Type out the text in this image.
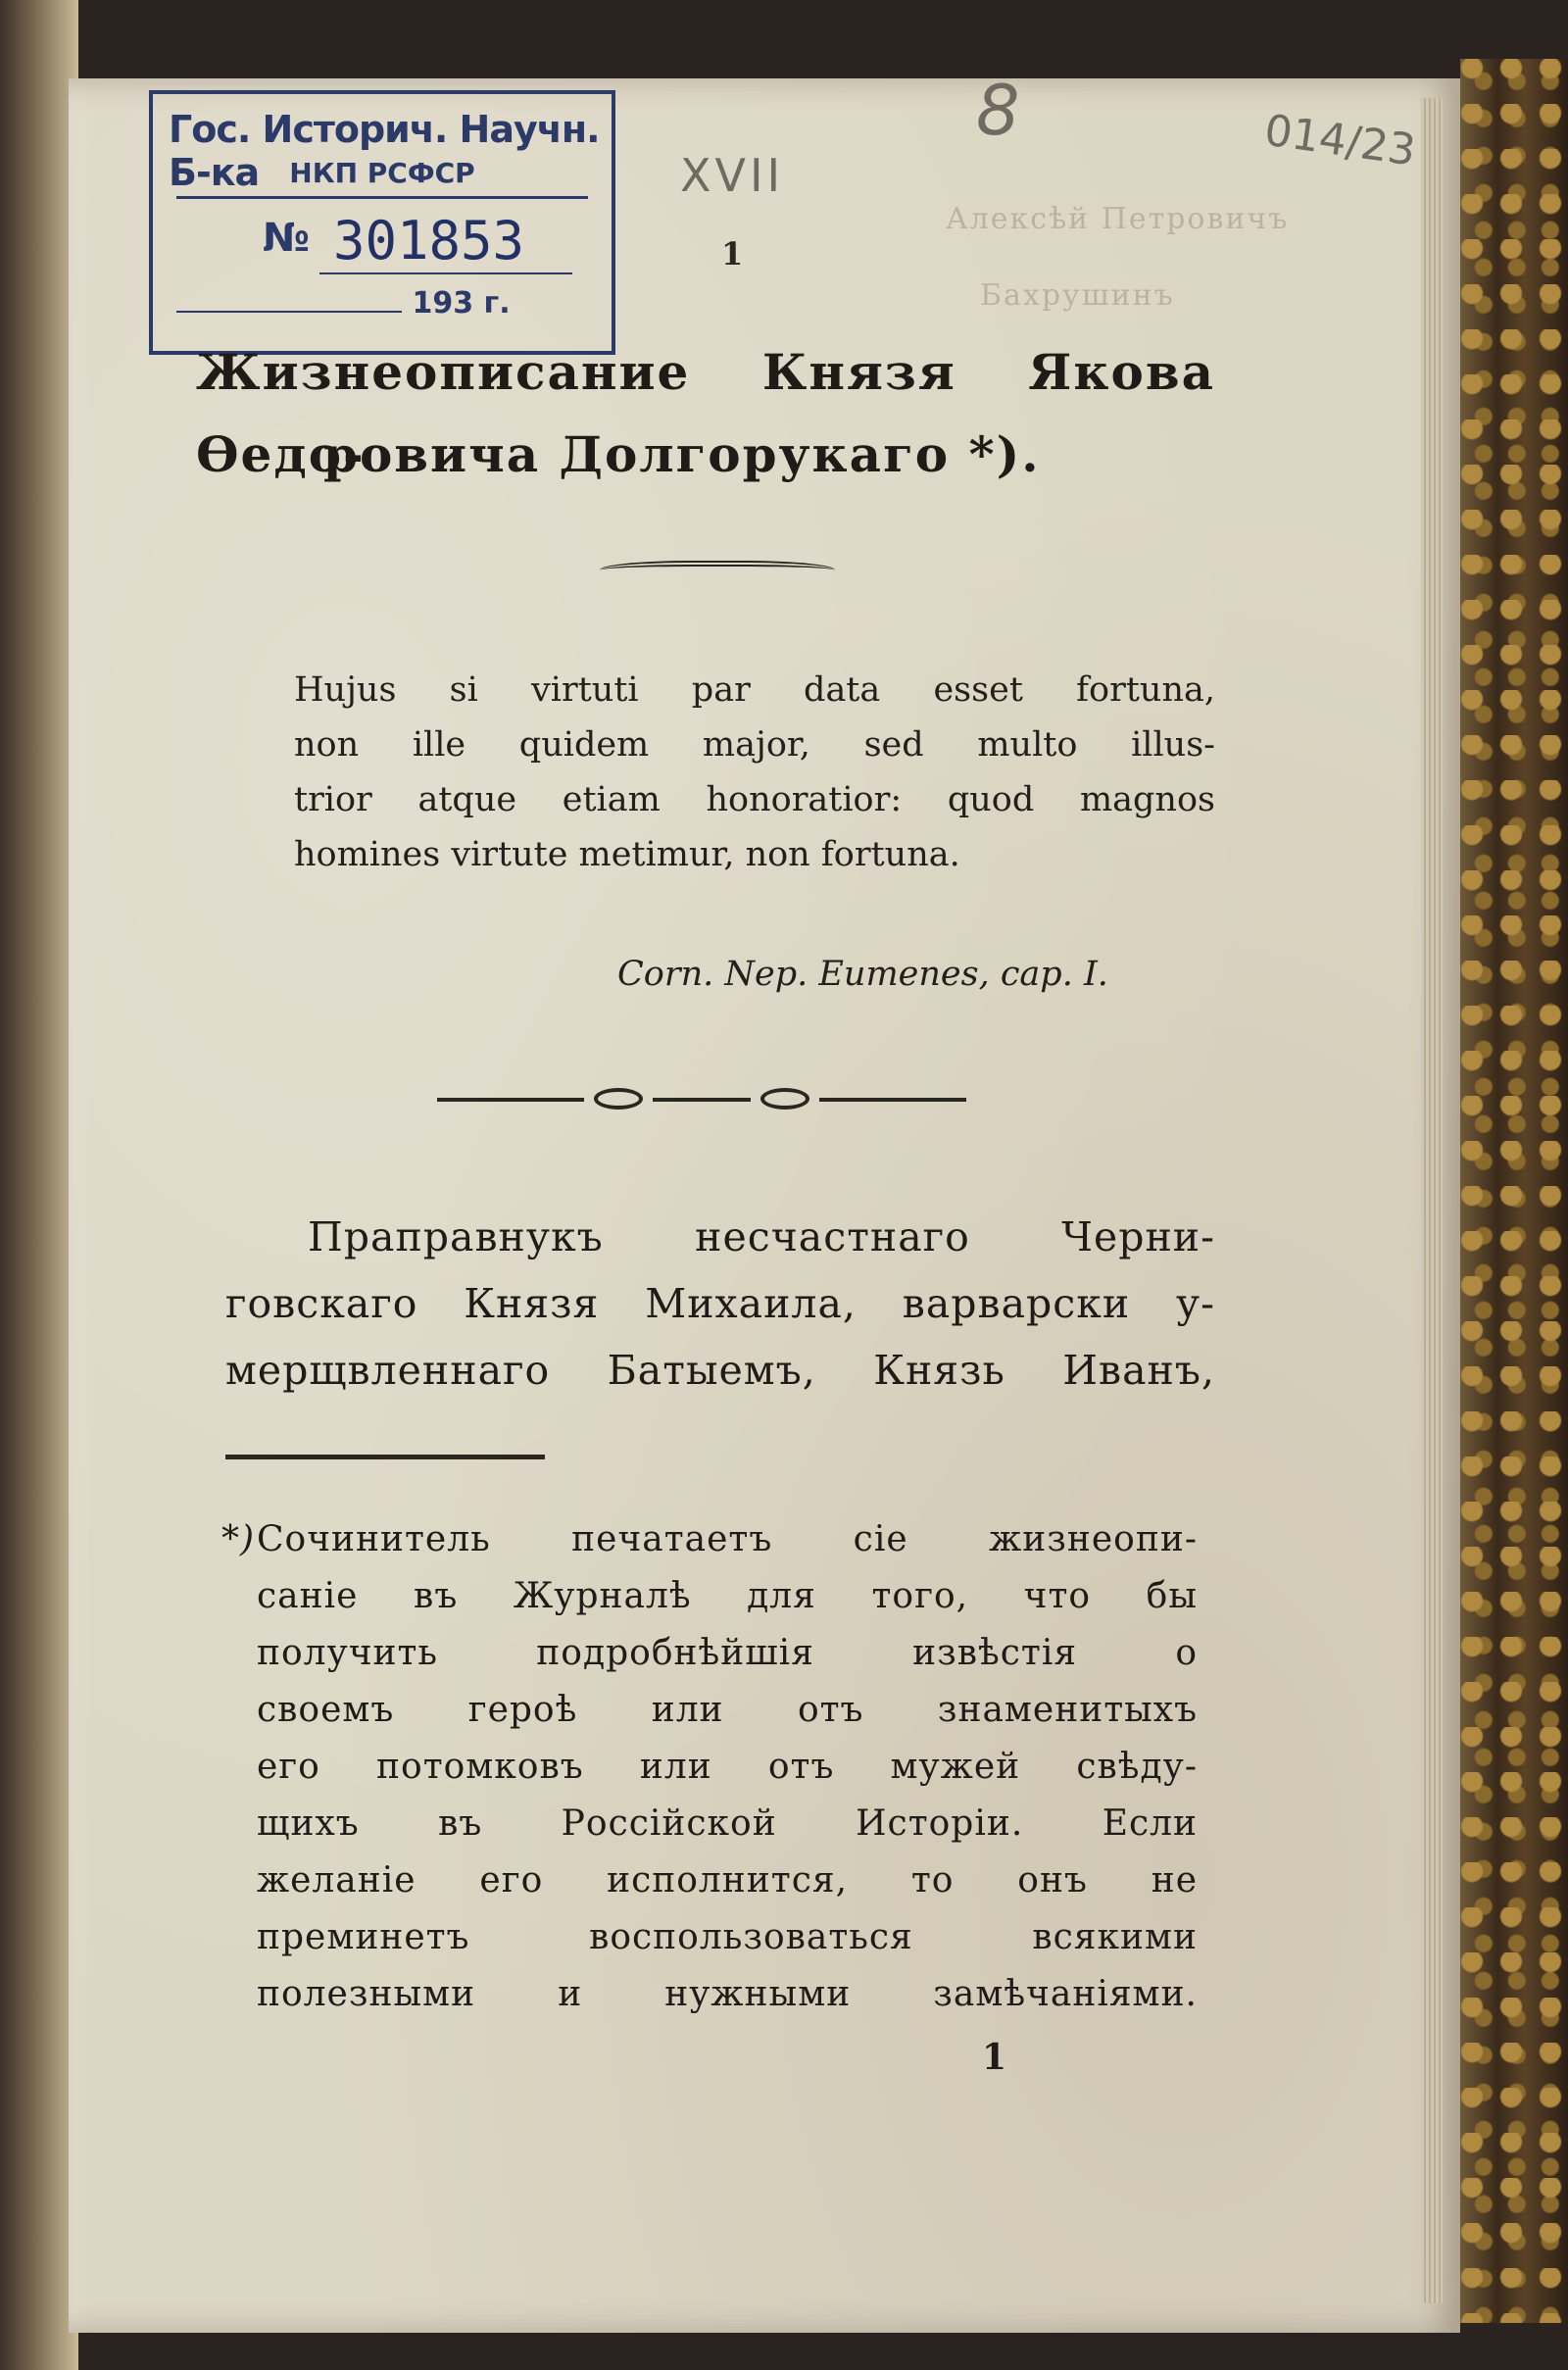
Алексѣй Петровичъ
Бахрушинъ
Гос. Историч. Научн. Б-ка	НКП РСФСР
№ 301853
193 г.
XVII
8	014/23
1
Жизнеописание Князя Якова Ѳедо-
ровича Долгорукаго *).
Hujus si virtuti par data esset fortuna,
non ille quidem major, sed multo illus-
trior atque etiam honoratior: quod magnos
homines virtute metimur, non fortuna.
Corn. Nep. Eumenes, cap. I.
Праправнукъ несчастнаго Черни-
говскаго Князя Михаила, варварски у-
мерщвленнаго Батыемъ, Князь Иванъ,
*) Сочинитель печатаетъ сіе жизнеопи-
саніе въ Журналѣ для того, что бы
получить подробнѣйшія извѣстія о
своемъ героѣ или отъ знаменитыхъ
его потомковъ или отъ мужей свѣду-
щихъ въ Россійской Исторіи. Если
желаніе его исполнится, то онъ не
преминетъ воспользоваться всякими
полезными и нужными замѣчаніями.
1
